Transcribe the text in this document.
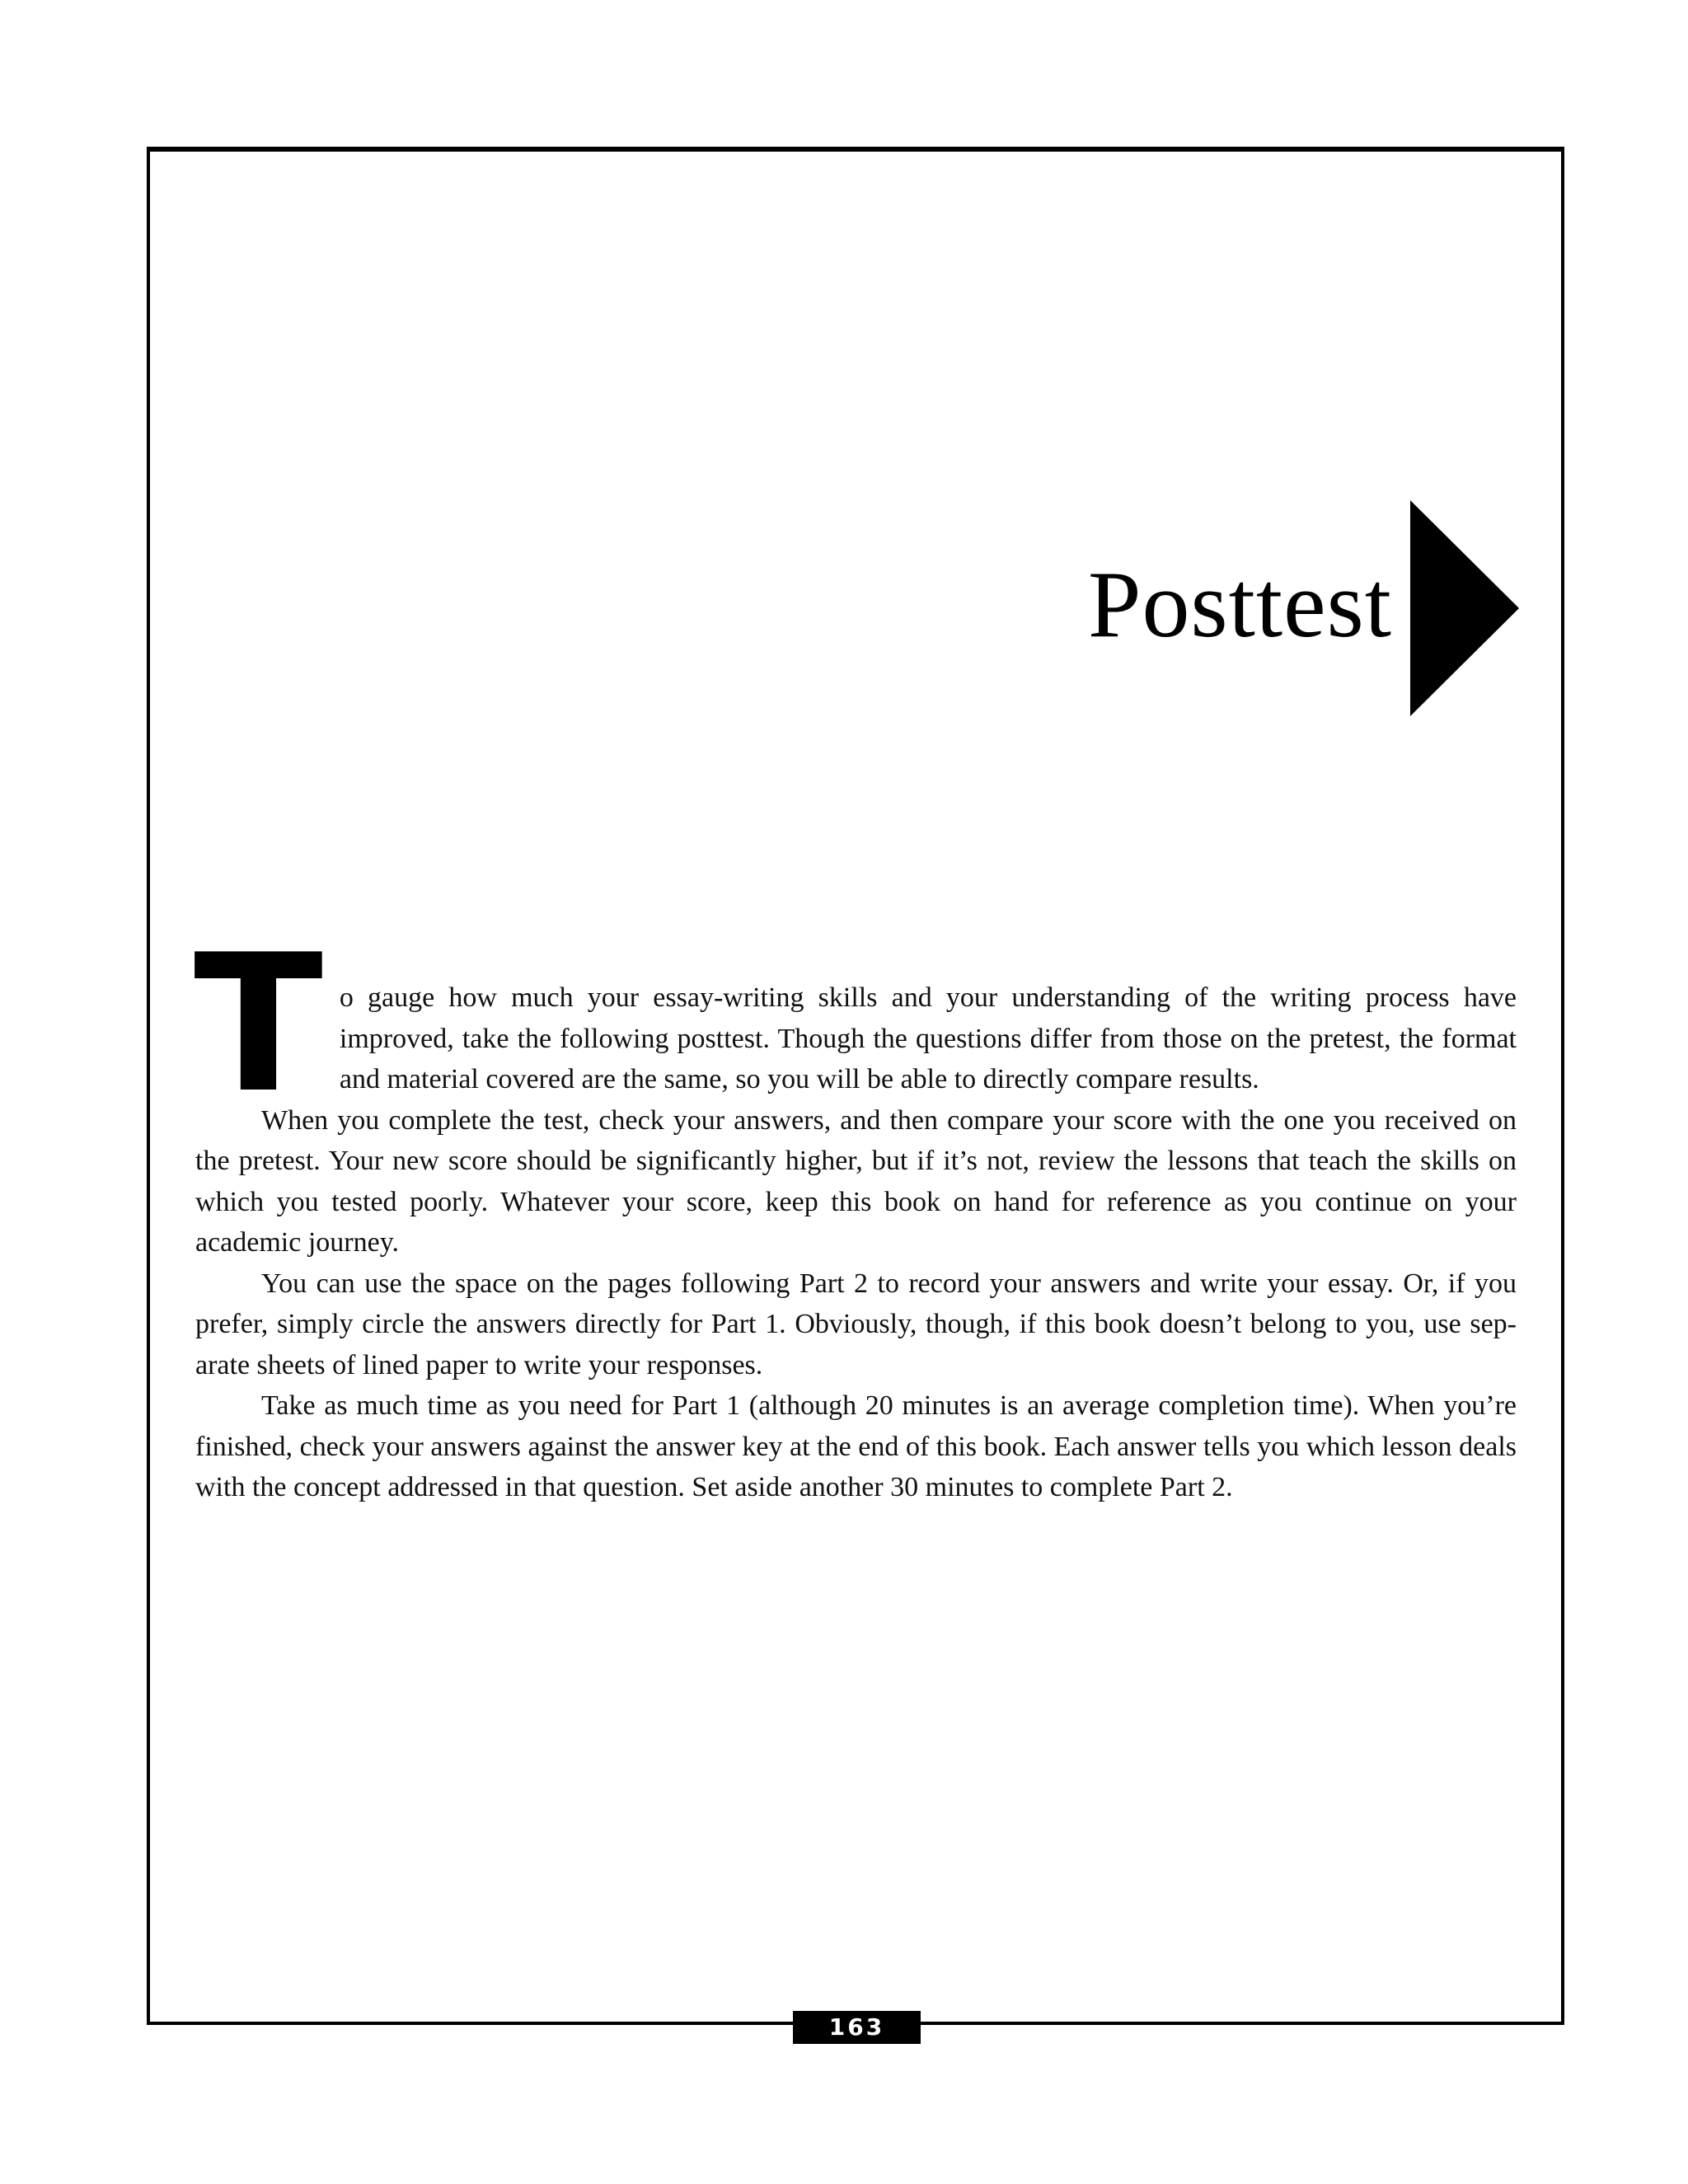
Posttest

To gauge how much your essay-writing skills and your understanding of the writing process have improved, take the following posttest. Though the questions differ from those on the pretest, the format and material covered are the same, so you will be able to directly compare results.

When you complete the test, check your answers, and then compare your score with the one you received on the pretest. Your new score should be significantly higher, but if it’s not, review the lessons that teach the skills on which you tested poorly. Whatever your score, keep this book on hand for reference as you continue on your academic journey.

You can use the space on the pages following Part 2 to record your answers and write your essay. Or, if you prefer, simply circle the answers directly for Part 1. Obviously, though, if this book doesn’t belong to you, use separate sheets of lined paper to write your responses.

Take as much time as you need for Part 1 (although 20 minutes is an average completion time). When you’re finished, check your answers against the answer key at the end of this book. Each answer tells you which lesson deals with the concept addressed in that question. Set aside another 30 minutes to complete Part 2.

163
